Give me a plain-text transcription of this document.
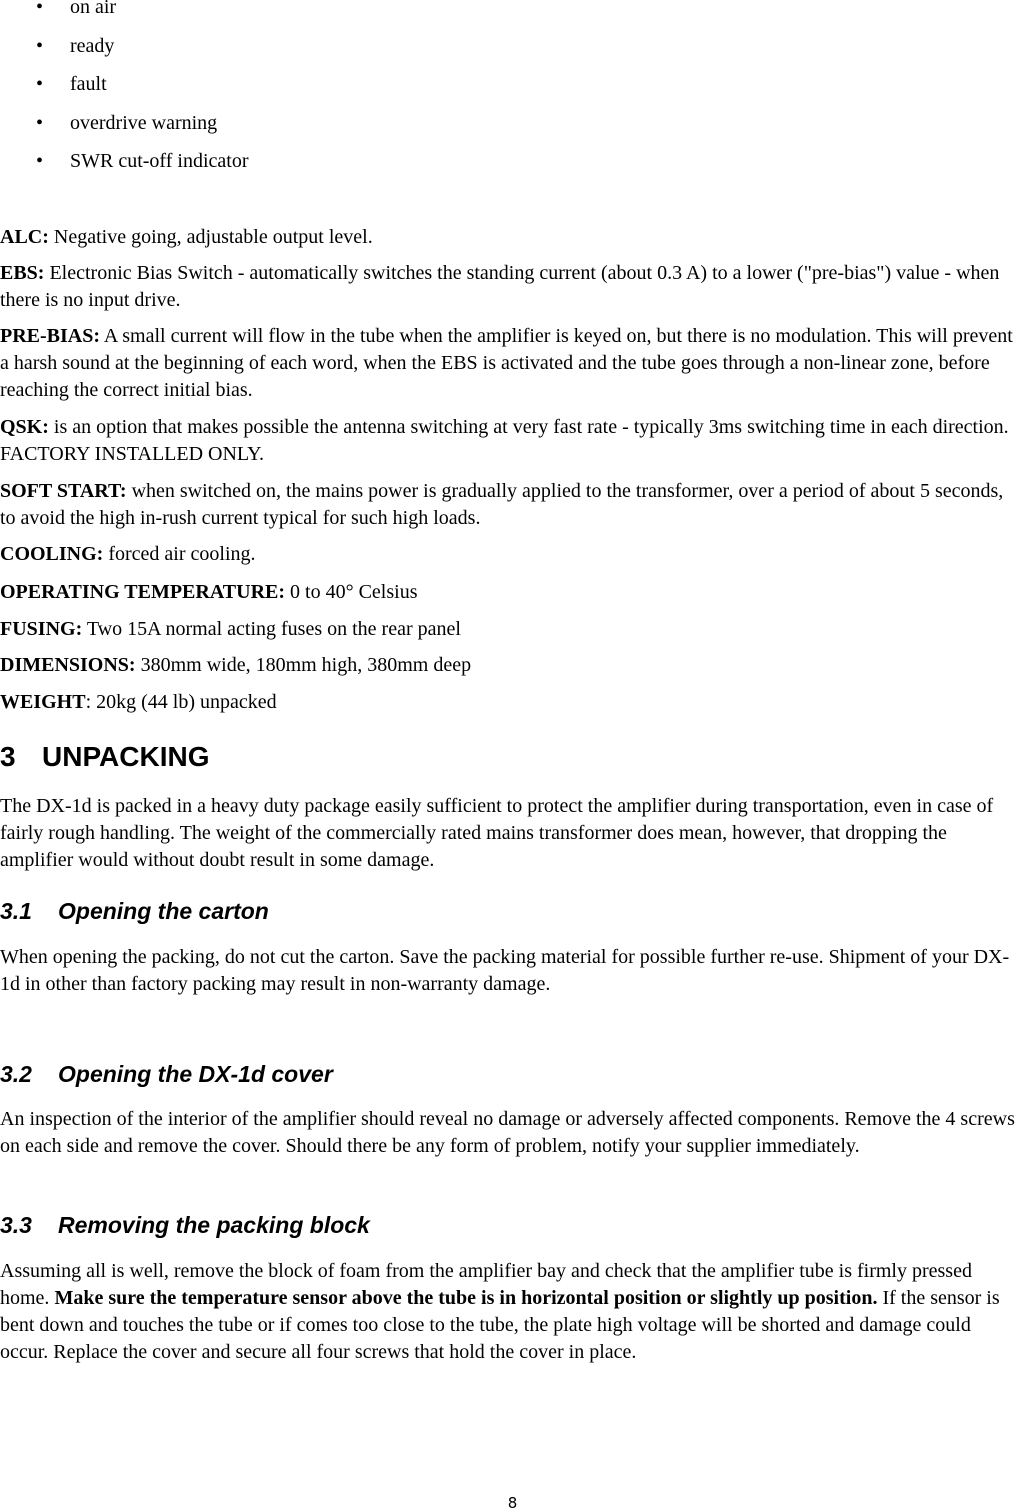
• on air
• ready
• fault
• overdrive warning
• SWR cut-off indicator

ALC: Negative going, adjustable output level.

EBS: Electronic Bias Switch - automatically switches the standing current (about 0.3 A) to a lower ("pre-bias") value - when there is no input drive.

PRE-BIAS: A small current will flow in the tube when the amplifier is keyed on, but there is no modulation. This will prevent a harsh sound at the beginning of each word, when the EBS is activated and the tube goes through a non-linear zone, before reaching the correct initial bias.

QSK: is an option that makes possible the antenna switching at very fast rate - typically 3ms switching time in each direction. FACTORY INSTALLED ONLY.

SOFT START: when switched on, the mains power is gradually applied to the transformer, over a period of about 5 seconds, to avoid the high in-rush current typical for such high loads.

COOLING: forced air cooling.

OPERATING TEMPERATURE: 0 to 40° Celsius

FUSING: Two 15A normal acting fuses on the rear panel

DIMENSIONS: 380mm wide, 180mm high, 380mm deep

WEIGHT: 20kg (44 lb) unpacked

3 UNPACKING

The DX-1d is packed in a heavy duty package easily sufficient to protect the amplifier during transportation, even in case of fairly rough handling. The weight of the commercially rated mains transformer does mean, however, that dropping the amplifier would without doubt result in some damage.

3.1 Opening the carton

When opening the packing, do not cut the carton. Save the packing material for possible further re-use. Shipment of your DX-1d in other than factory packing may result in non-warranty damage.

3.2 Opening the DX-1d cover

An inspection of the interior of the amplifier should reveal no damage or adversely affected components. Remove the 4 screws on each side and remove the cover. Should there be any form of problem, notify your supplier immediately.

3.3 Removing the packing block

Assuming all is well, remove the block of foam from the amplifier bay and check that the amplifier tube is firmly pressed home. Make sure the temperature sensor above the tube is in horizontal position or slightly up position. If the sensor is bent down and touches the tube or if comes too close to the tube, the plate high voltage will be shorted and damage could occur. Replace the cover and secure all four screws that hold the cover in place.

8
